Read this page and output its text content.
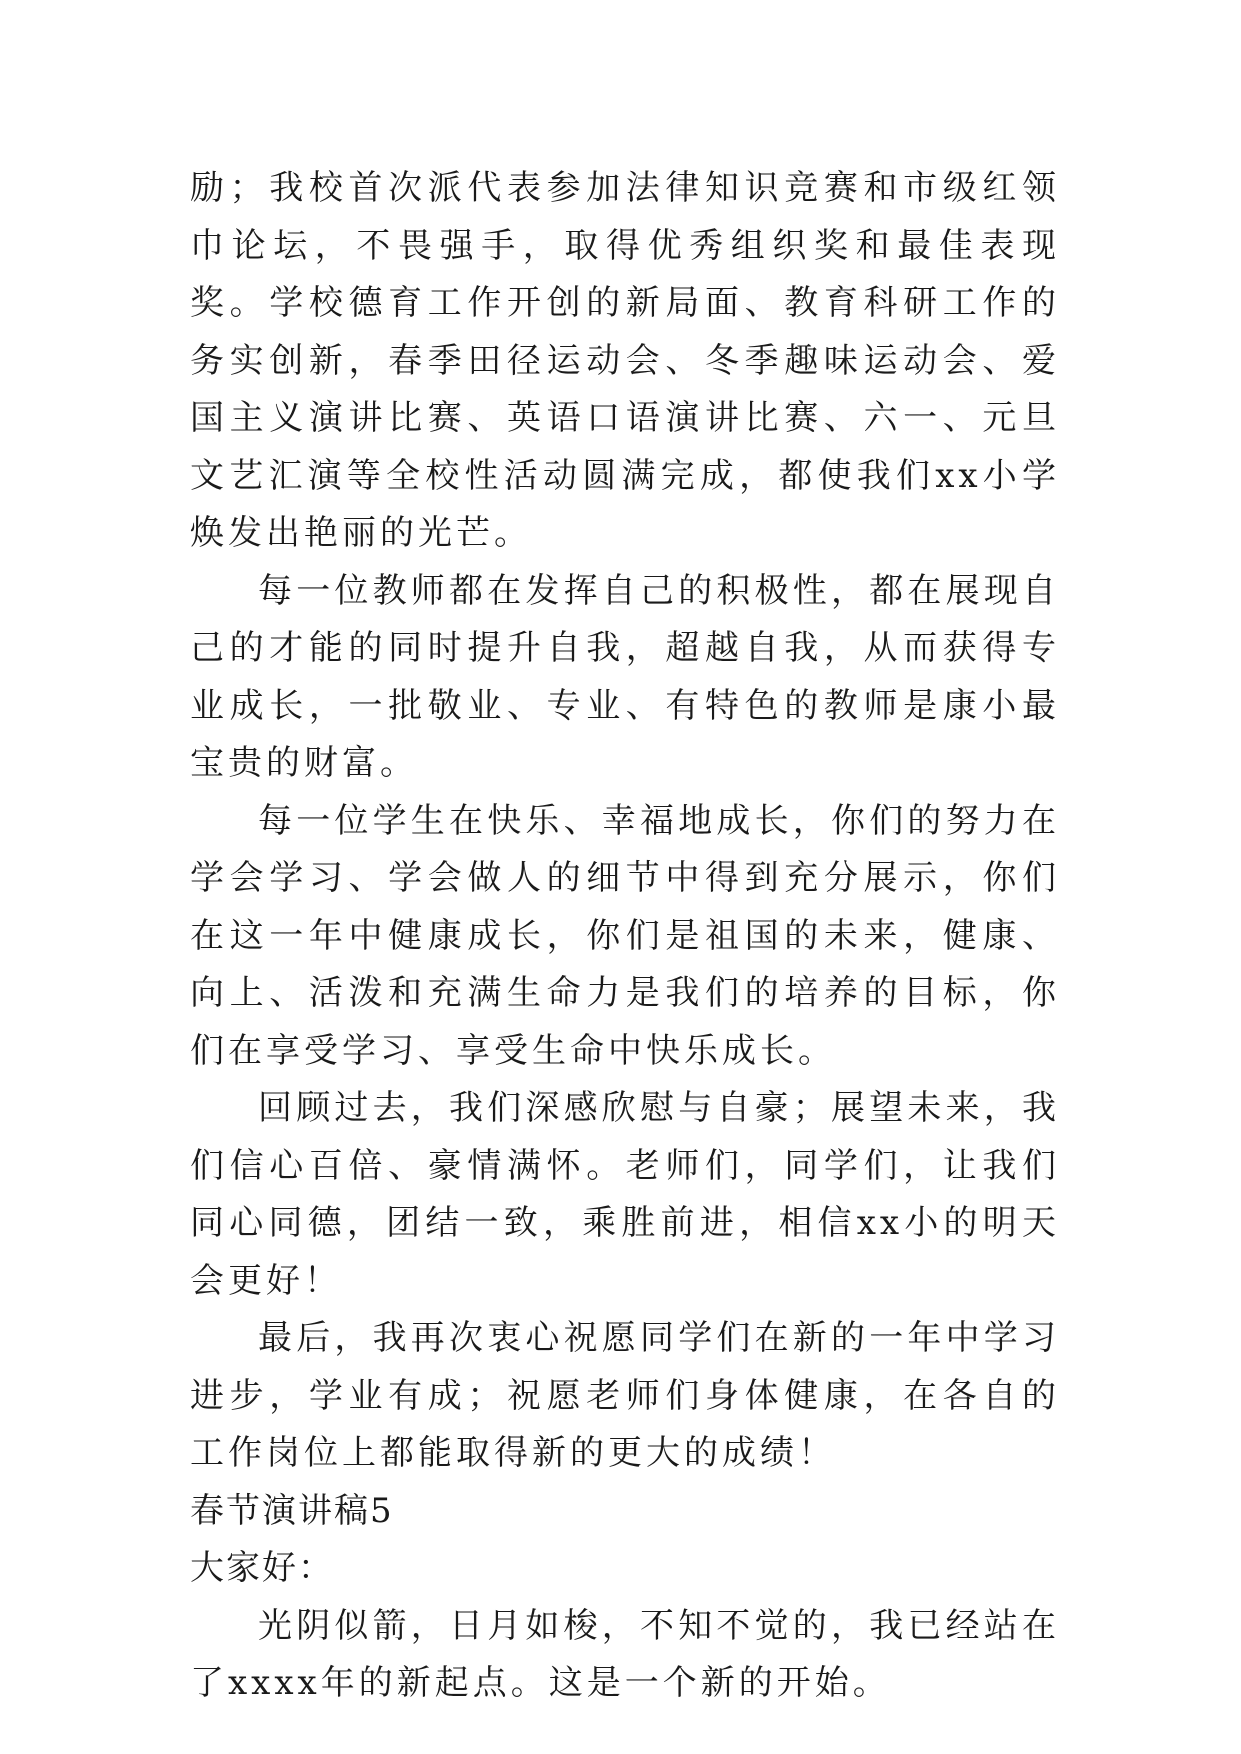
励；我校首次派代表参加法律知识竞赛和市级红领巾论坛，不畏强手，取得优秀组织奖和最佳表现奖。学校德育工作开创的新局面、教育科研工作的务实创新，春季田径运动会、冬季趣味运动会、爱国主义演讲比赛、英语口语演讲比赛、六一、元旦文艺汇演等全校性活动圆满完成，都使我们xx小学焕发出艳丽的光芒。

每一位教师都在发挥自己的积极性，都在展现自己的才能的同时提升自我，超越自我，从而获得专业成长，一批敬业、专业、有特色的教师是康小最宝贵的财富。

每一位学生在快乐、幸福地成长，你们的努力在学会学习、学会做人的细节中得到充分展示，你们在这一年中健康成长，你们是祖国的未来，健康、向上、活泼和充满生命力是我们的培养的目标，你们在享受学习、享受生命中快乐成长。

回顾过去，我们深感欣慰与自豪；展望未来，我们信心百倍、豪情满怀。老师们，同学们，让我们同心同德，团结一致，乘胜前进，相信xx小的明天会更好！

最后，我再次衷心祝愿同学们在新的一年中学习进步，学业有成；祝愿老师们身体健康，在各自的工作岗位上都能取得新的更大的成绩！

春节演讲稿5

大家好：

光阴似箭，日月如梭，不知不觉的，我已经站在了xxxx年的新起点。这是一个新的开始。
